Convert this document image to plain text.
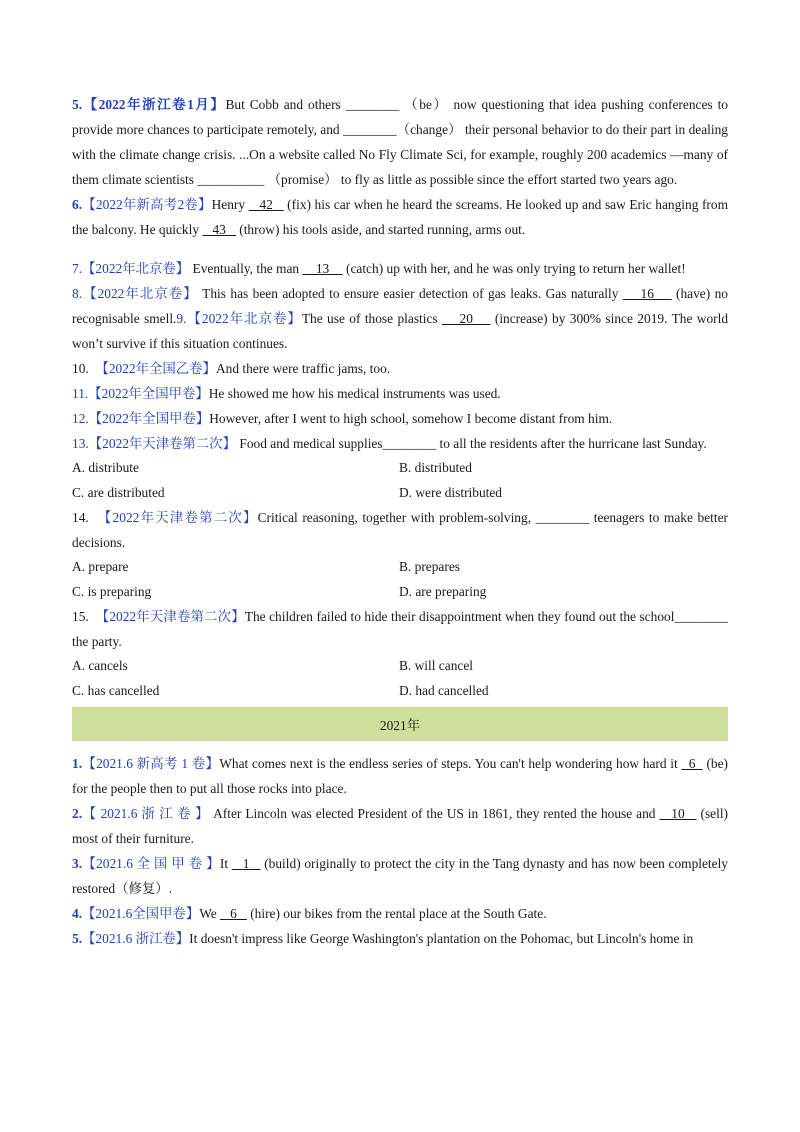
5.【2022年浙江卷1月】But Cobb and others ________ （be） now questioning that idea pushing conferences to provide more chances to participate remotely, and ________（change） their personal behavior to do their part in dealing with the climate change crisis. ...On a website called No Fly Climate Sci, for example, roughly 200 academics —many of them climate scientists __________ （promise） to fly as little as possible since the effort started two years ago.

6.【2022年新高考2卷】Henry    42    (fix) his car when he heard the screams. He looked up and saw Eric hanging from the balcony. He quickly    43    (throw) his tools aside, and started running, arms out.

7.【2022年北京卷】 Eventually, the man     13     (catch) up with her, and he was only trying to return her wallet!

8.【2022年北京卷】 This has been adopted to ensure easier detection of gas leaks. Gas naturally     16     (have) no recognisable smell.9.【2022年北京卷】The use of those plastics     20     (increase) by 300% since 2019. The world won’t survive if this situation continues.

10. 【2022年全国乙卷】And there were traffic jams, too.

11.【2022年全国甲卷】He showed me how his medical instruments was used.

12.【2022年全国甲卷】However, after I went to high school, somehow I become distant from him.

13.【2022年天津卷第二次】 Food and medical supplies________ to all the residents after the hurricane last Sunday.

A. distribute	B. distributed
C. are distributed	D. were distributed

14. 【2022年天津卷第二次】Critical reasoning, together with problem-solving, ________ teenagers to make better decisions.

A. prepare	B. prepares
C. is preparing	D. are preparing

15. 【2022年天津卷第二次】The children failed to hide their disappointment when they found out the school________ the party.

A. cancels	B. will cancel
C. has cancelled	D. had cancelled
2021年

1.【2021.6 新高考 1 卷】What comes next is the endless series of steps. You can't help wondering how hard it   6   (be) for the people then to put all those rocks into place.

2.【 2021.6 浙 江 卷 】 After Lincoln was elected President of the US in 1861, they rented the house and    10    (sell) most of their furniture.

3.【2021.6 全 国 甲 卷 】It    1    (build) originally to protect the city in the Tang dynasty and has now been completely restored（修复）.

4.【2021.6全国甲卷】We    6    (hire) our bikes from the rental place at the South Gate.

5.【2021.6 浙江卷】It doesn't impress like George Washington's plantation on the Pohomac, but Lincoln's home in
